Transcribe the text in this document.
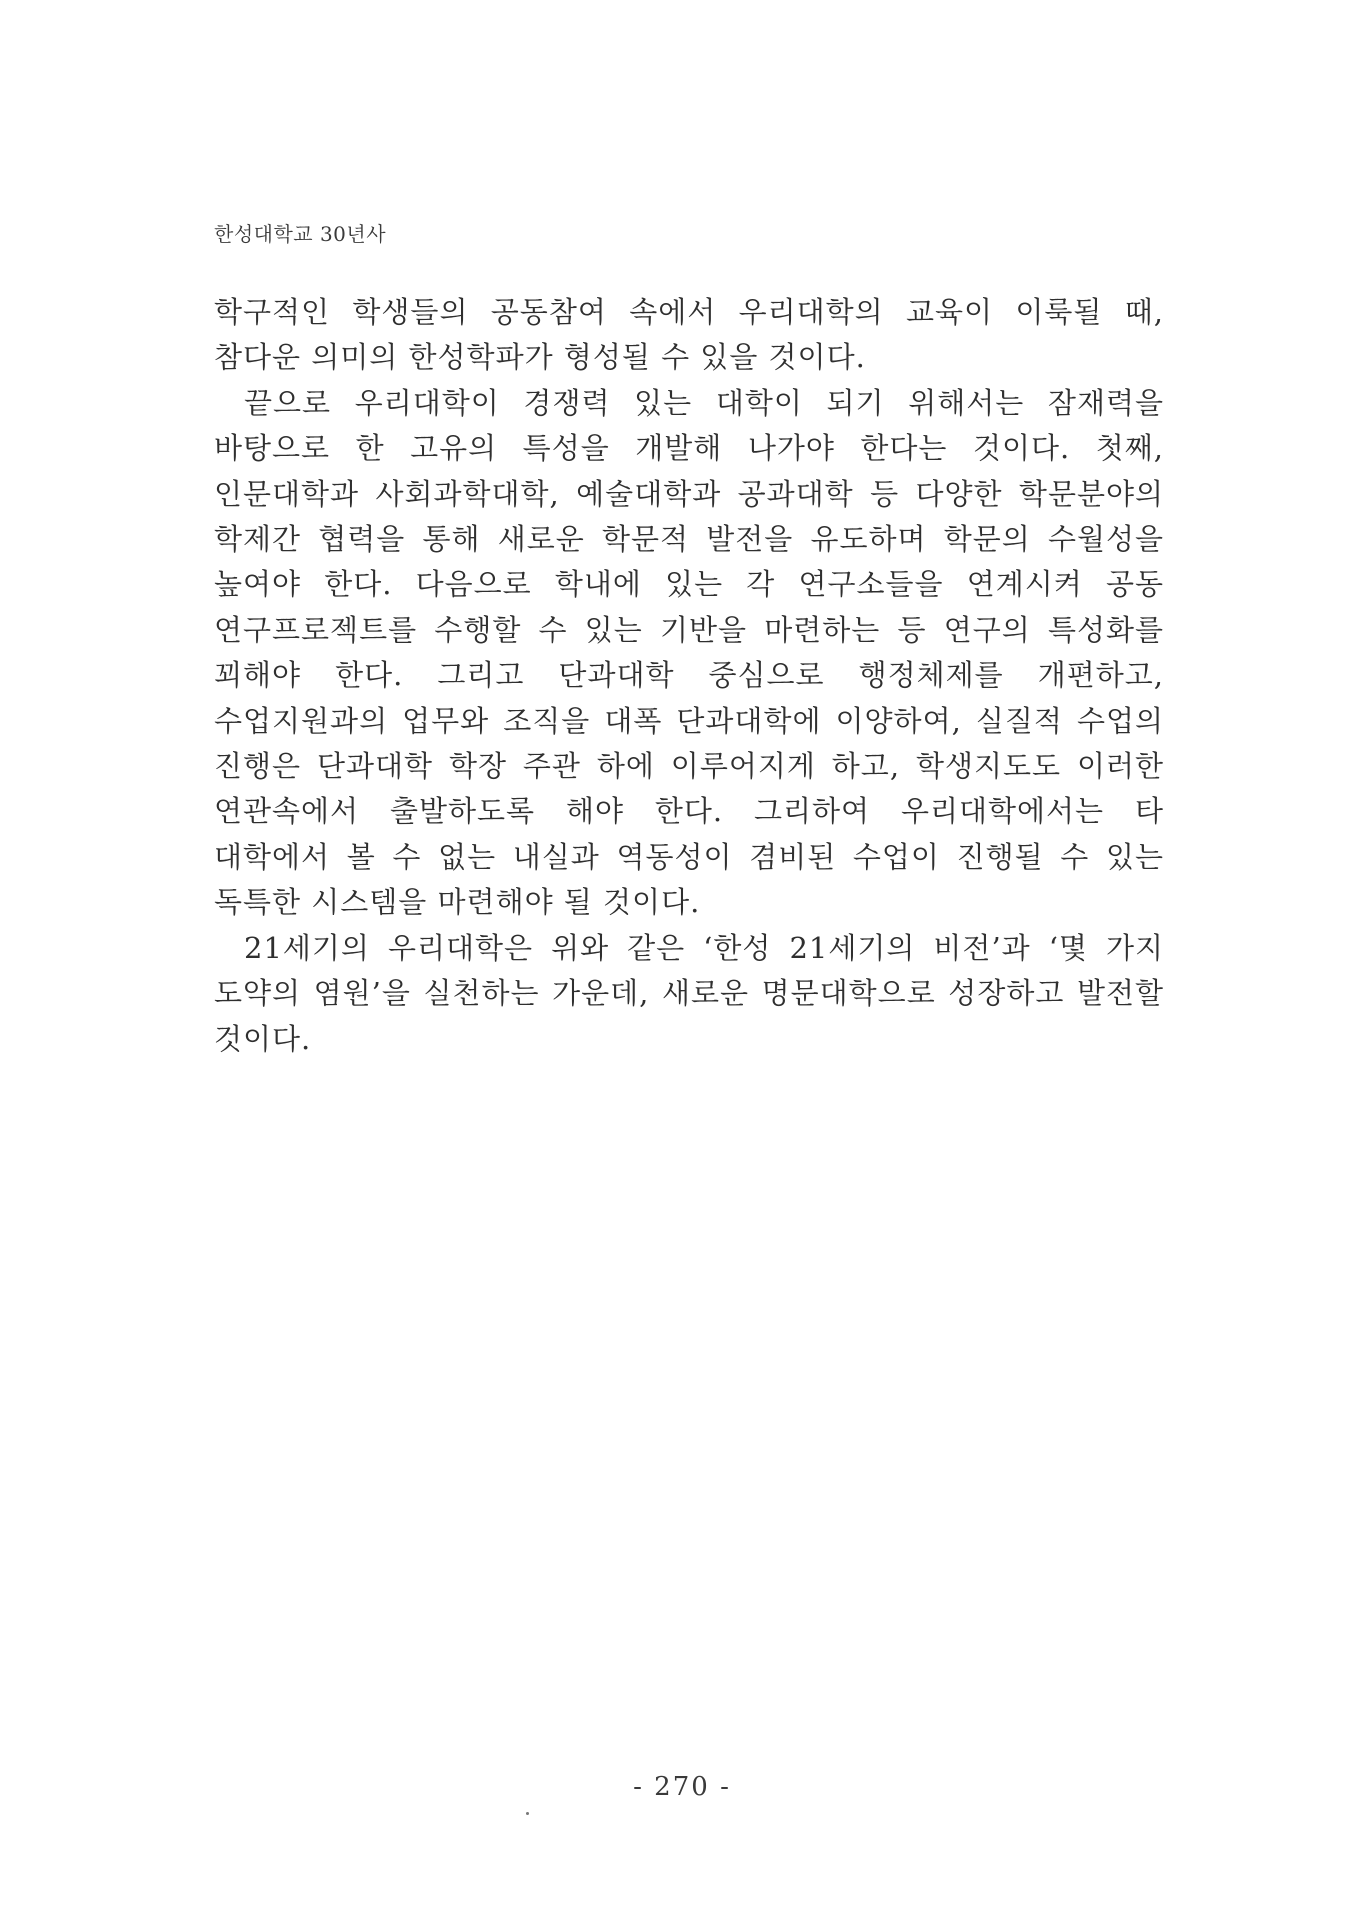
한성대학교 30년사

학구적인 학생들의 공동참여 속에서 우리대학의 교육이 이룩될 때, 참다운 의미의 한성학파가 형성될 수 있을 것이다.

끝으로 우리대학이 경쟁력 있는 대학이 되기 위해서는 잠재력을 바탕으로 한 고유의 특성을 개발해 나가야 한다는 것이다. 첫째, 인문대학과 사회과학대학, 예술대학과 공과대학 등 다양한 학문분야의 학제간 협력을 통해 새로운 학문적 발전을 유도하며 학문의 수월성을 높여야 한다. 다음으로 학내에 있는 각 연구소들을 연계시켜 공동 연구프로젝트를 수행할 수 있는 기반을 마련하는 등 연구의 특성화를 꾀해야 한다. 그리고 단과대학 중심으로 행정체제를 개편하고, 수업지원과의 업무와 조직을 대폭 단과대학에 이양하여, 실질적 수업의 진행은 단과대학 학장 주관 하에 이루어지게 하고, 학생지도도 이러한 연관속에서 출발하도록 해야 한다. 그리하여 우리대학에서는 타 대학에서 볼 수 없는 내실과 역동성이 겸비된 수업이 진행될 수 있는 독특한 시스템을 마련해야 될 것이다.

21세기의 우리대학은 위와 같은 ‘한성 21세기의 비전’과 ‘몇 가지 도약의 염원’을 실천하는 가운데, 새로운 명문대학으로 성장하고 발전할 것이다.

- 270 -
